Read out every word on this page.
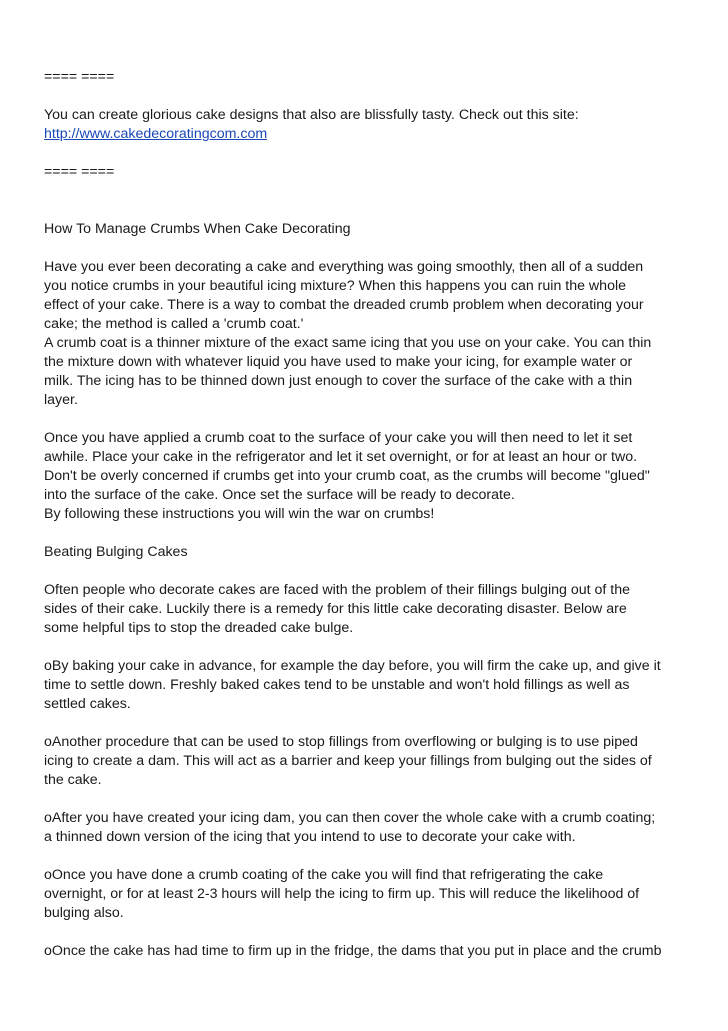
==== ====

You can create glorious cake designs that also are blissfully tasty. Check out this site:

http://www.cakedecoratingcom.com

==== ====

How To Manage Crumbs When Cake Decorating

Have you ever been decorating a cake and everything was going smoothly, then all of a sudden

you notice crumbs in your beautiful icing mixture? When this happens you can ruin the whole

effect of your cake. There is a way to combat the dreaded crumb problem when decorating your

cake; the method is called a 'crumb coat.'

A crumb coat is a thinner mixture of the exact same icing that you use on your cake. You can thin

the mixture down with whatever liquid you have used to make your icing, for example water or

milk. The icing has to be thinned down just enough to cover the surface of the cake with a thin

layer.

Once you have applied a crumb coat to the surface of your cake you will then need to let it set

awhile. Place your cake in the refrigerator and let it set overnight, or for at least an hour or two.

Don't be overly concerned if crumbs get into your crumb coat, as the crumbs will become "glued"

into the surface of the cake. Once set the surface will be ready to decorate.

By following these instructions you will win the war on crumbs!

Beating Bulging Cakes

Often people who decorate cakes are faced with the problem of their fillings bulging out of the

sides of their cake. Luckily there is a remedy for this little cake decorating disaster. Below are

some helpful tips to stop the dreaded cake bulge.

oBy baking your cake in advance, for example the day before, you will firm the cake up, and give it

time to settle down. Freshly baked cakes tend to be unstable and won't hold fillings as well as

settled cakes.

oAnother procedure that can be used to stop fillings from overflowing or bulging is to use piped

icing to create a dam. This will act as a barrier and keep your fillings from bulging out the sides of

the cake.

oAfter you have created your icing dam, you can then cover the whole cake with a crumb coating;

a thinned down version of the icing that you intend to use to decorate your cake with.

oOnce you have done a crumb coating of the cake you will find that refrigerating the cake

overnight, or for at least 2-3 hours will help the icing to firm up. This will reduce the likelihood of

bulging also.

oOnce the cake has had time to firm up in the fridge, the dams that you put in place and the crumb
